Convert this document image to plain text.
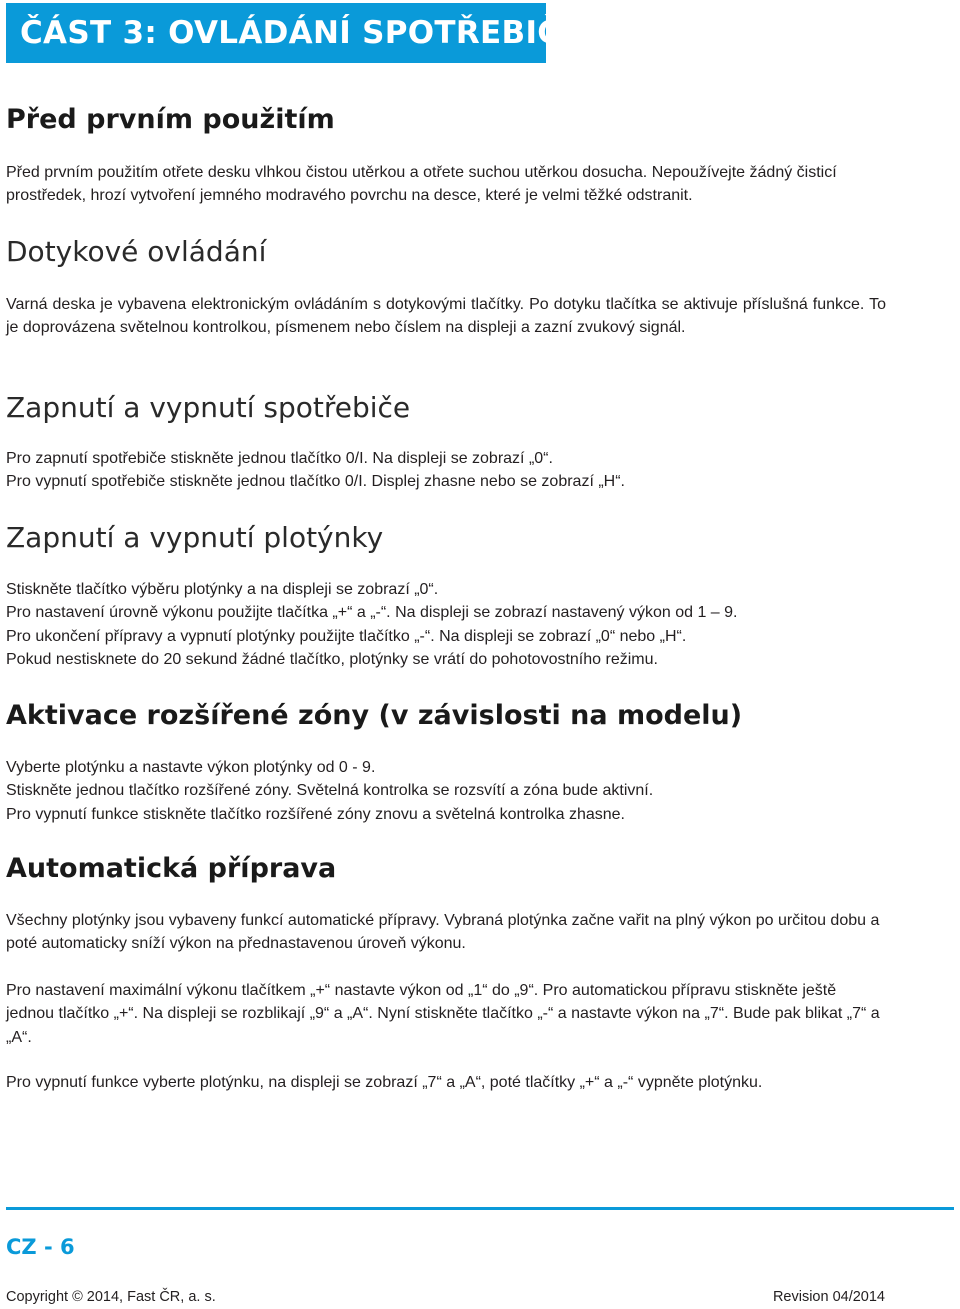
ČÁST 3: OVLÁDÁNÍ SPOTŘEBIČE
Před prvním použitím

Před prvním použitím otřete desku vlhkou čistou utěrkou a otřete suchou utěrkou dosucha. Nepoužívejte žádný čisticí prostředek, hrozí vytvoření jemného modravého povrchu na desce, které je velmi těžké odstranit.

Dotykové ovládání

Varná deska je vybavena elektronickým ovládáním s dotykovými tlačítky. Po dotyku tlačítka se aktivuje příslušná funkce. To je doprovázena světelnou kontrolkou, písmenem nebo číslem na displeji a zazní zvukový signál.

Zapnutí a vypnutí spotřebiče

Pro zapnutí spotřebiče stiskněte jednou tlačítko 0/I. Na displeji se zobrazí „0“.

Pro vypnutí spotřebiče stiskněte jednou tlačítko 0/I. Displej zhasne nebo se zobrazí „H“.

Zapnutí a vypnutí plotýnky

Stiskněte tlačítko výběru plotýnky a na displeji se zobrazí „0“.

Pro nastavení úrovně výkonu použijte tlačítka „+“ a „-“. Na displeji se zobrazí nastavený výkon od 1 – 9.

Pro ukončení přípravy a vypnutí plotýnky použijte tlačítko „-“. Na displeji se zobrazí „0“ nebo „H“.

Pokud nestisknete do 20 sekund žádné tlačítko, plotýnky se vrátí do pohotovostního režimu.

Aktivace rozšířené zóny (v závislosti na modelu)

Vyberte plotýnku a nastavte výkon plotýnky od 0 - 9.

Stiskněte jednou tlačítko rozšířené zóny. Světelná kontrolka se rozsvítí a zóna bude aktivní.

Pro vypnutí funkce stiskněte tlačítko rozšířené zóny znovu a světelná kontrolka zhasne.

Automatická příprava

Všechny plotýnky jsou vybaveny funkcí automatické přípravy. Vybraná plotýnka začne vařit na plný výkon po určitou dobu a poté automaticky sníží výkon na přednastavenou úroveň výkonu.

Pro nastavení maximální výkonu tlačítkem „+“ nastavte výkon od „1“ do „9“. Pro automatickou přípravu stiskněte ještě jednou tlačítko „+“. Na displeji se rozblikají „9“ a „A“. Nyní stiskněte tlačítko „-“ a nastavte výkon na „7“. Bude pak blikat „7“ a „A“.

Pro vypnutí funkce vyberte plotýnku, na displeji se zobrazí „7“ a „A“, poté tlačítky „+“ a „-“ vypněte plotýnku.

CZ - 6
Copyright © 2014, Fast ČR, a. s.	Revision 04/2014
